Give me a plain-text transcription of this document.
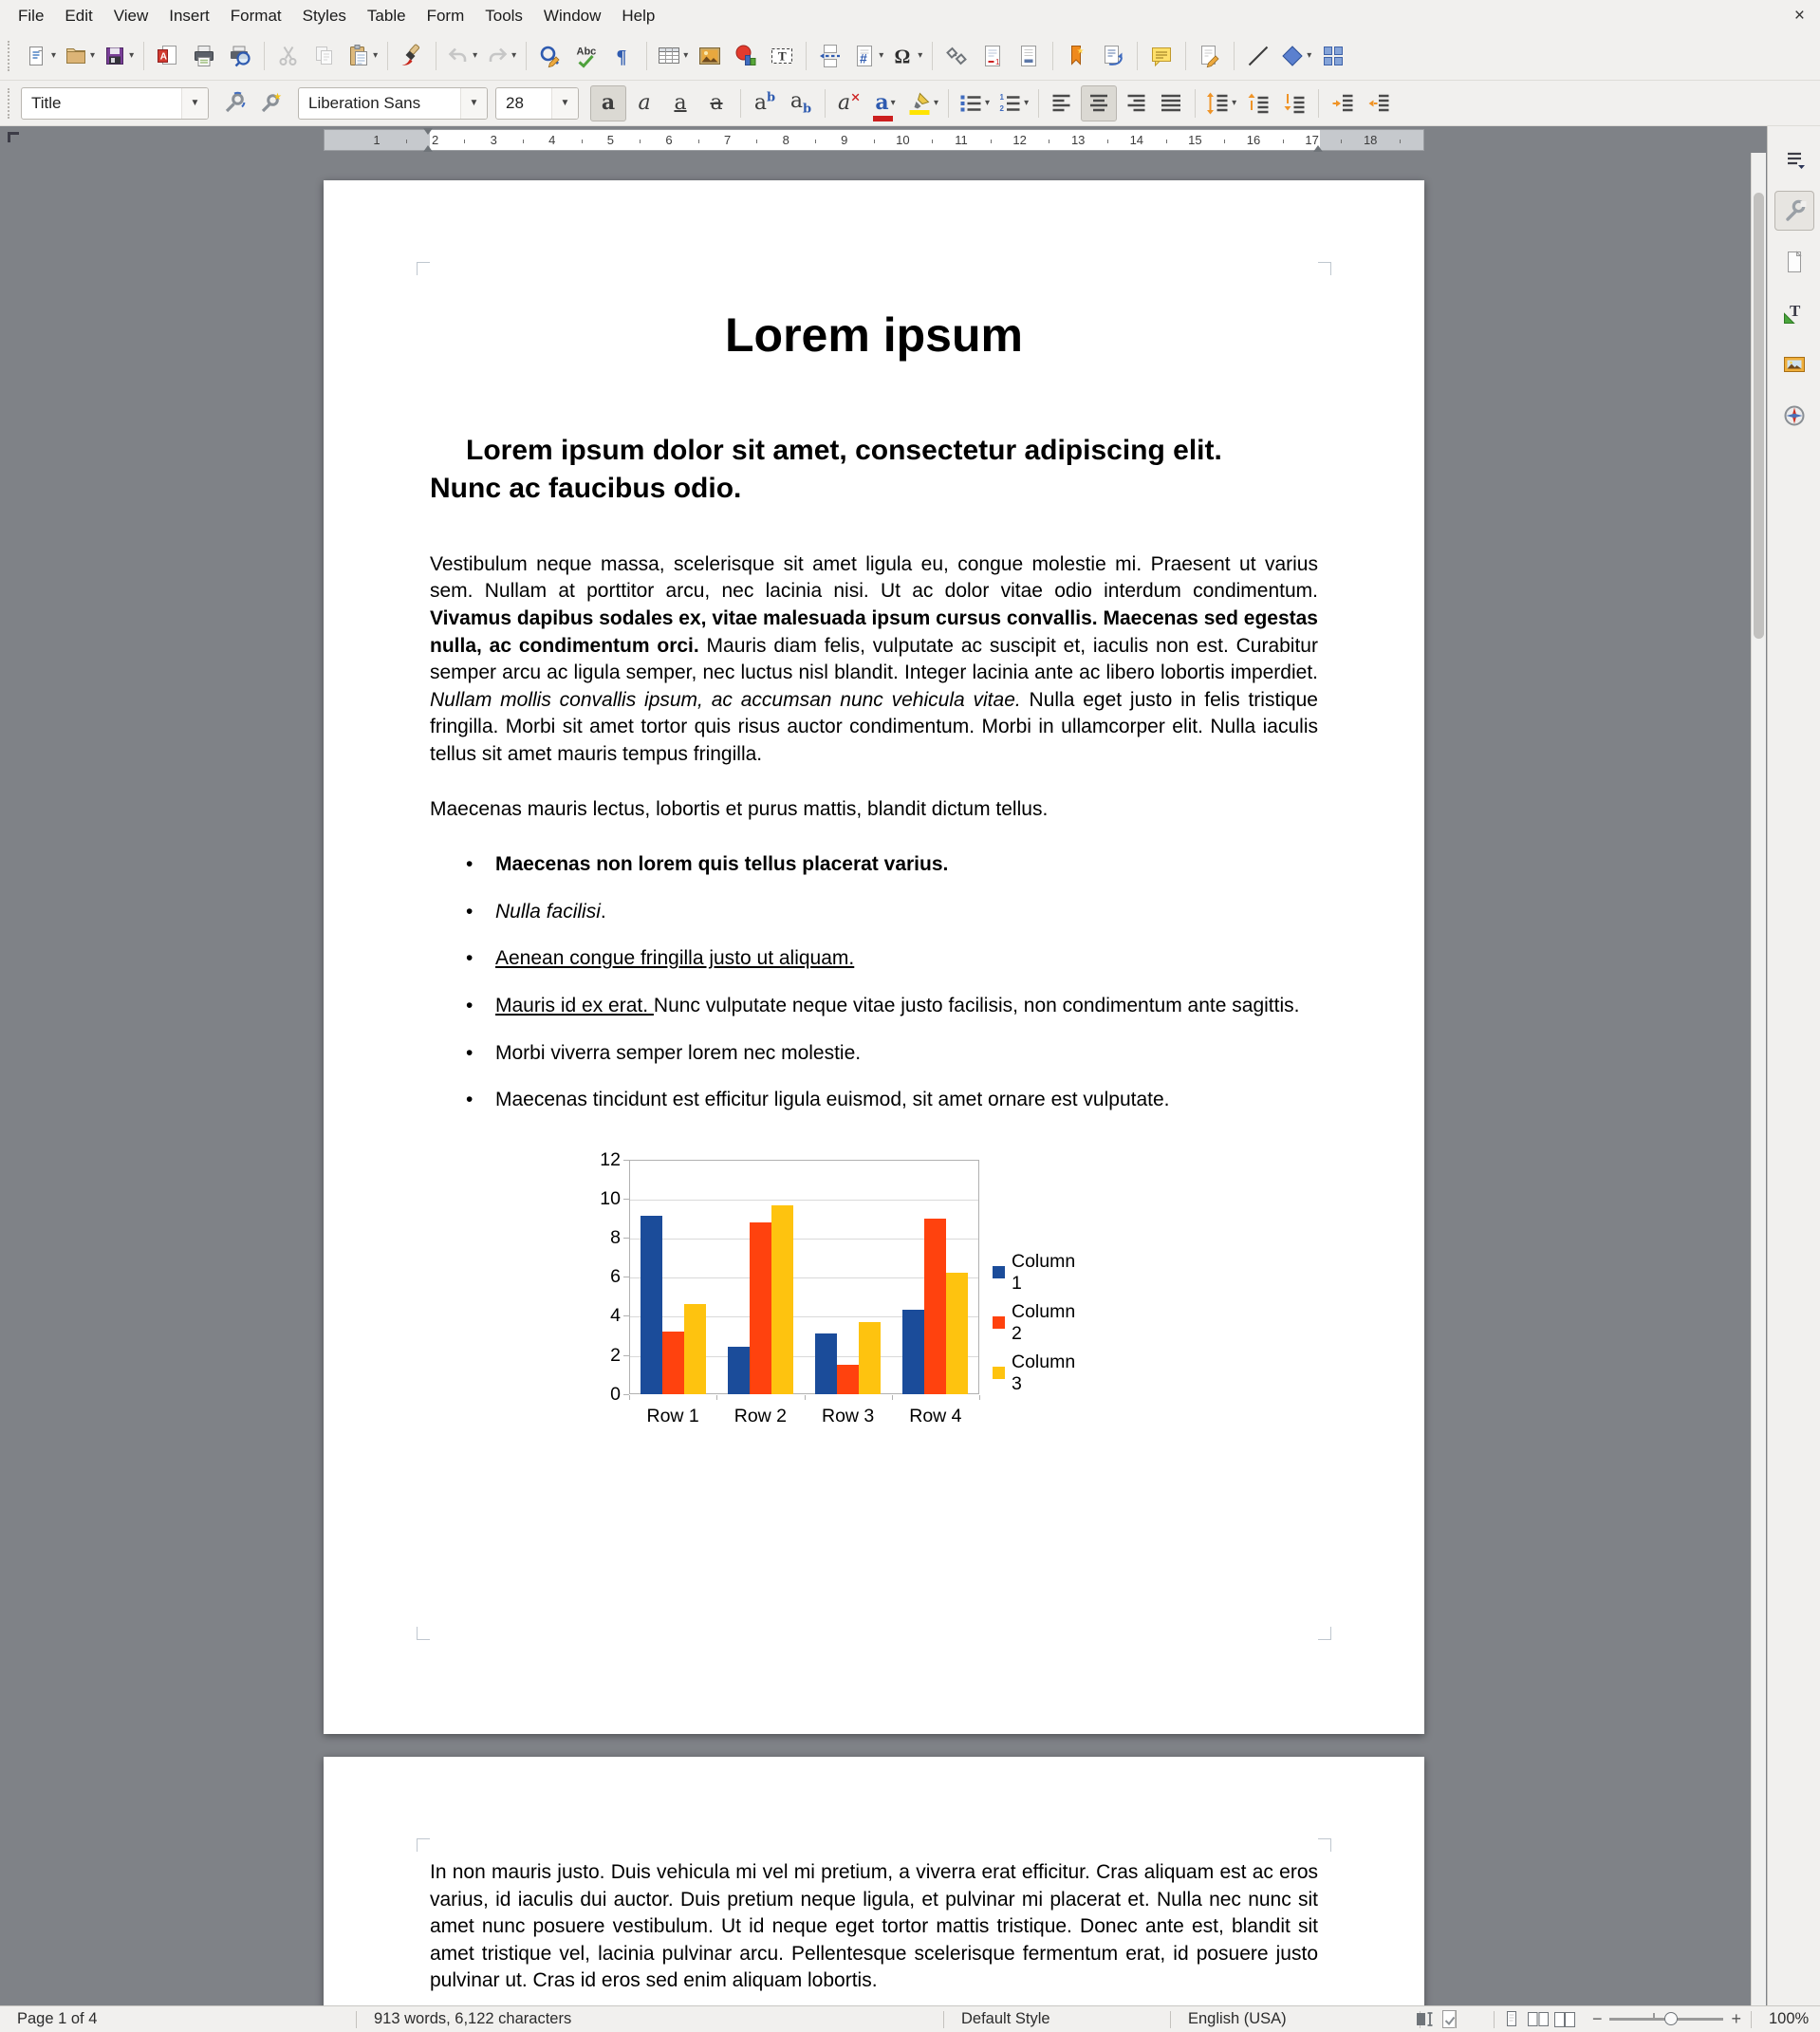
File	Edit	View	Insert	Format	Styles	Table	Form	Tools	Window	Help	×
▾	▾	▾	A	▾	▾	▾	Abc ¶	▾	T	# ▾ Ω ▾
1
★	▾
Title	▼
★	Liberation Sans	▼	28	▼	a a a a $a^b$ $a_b$ a× a ▾	▾	▾
1
2 ▾	▾
1	2	3	4	5	6	7	8	9	10	11	12	13	14	15	16	17	18
Lorem ipsum
Lorem ipsum dolor sit amet, consectetur adipiscing elit. Nunc ac faucibus odio.
Vestibulum neque massa, scelerisque sit amet ligula eu, congue molestie mi. Praesent ut varius sem. Nullam at porttitor arcu, nec lacinia nisi. Ut ac dolor vitae odio interdum condimentum. Vivamus dapibus sodales ex, vitae malesuada ipsum cursus convallis. Maecenas sed egestas nulla, ac condimentum orci. Mauris diam felis, vulputate ac suscipit et, iaculis non est. Curabitur semper arcu ac ligula semper, nec luctus nisl blandit. Integer lacinia ante ac libero lobortis imperdiet. Nullam mollis convallis ipsum, ac accumsan nunc vehicula vitae. Nulla eget justo in felis tristique fringilla. Morbi sit amet tortor quis risus auctor condimentum. Morbi in ullamcorper elit. Nulla iaculis tellus sit amet mauris tempus fringilla.
Maecenas mauris lectus, lobortis et purus mattis, blandit dictum tellus.
• Maecenas non lorem quis tellus placerat varius.
• Nulla facilisi.
• Aenean congue fringilla justo ut aliquam.
• Mauris id ex erat. Nunc vulputate neque vitae justo facilisis, non condimentum ante sagittis.
• Morbi viverra semper lorem nec molestie.
• Maecenas tincidunt est efficitur ligula euismod, sit amet ornare est vulputate.
0
2
4
6
8
10
12
Row 1	Row 2	Row 3	Row 4
Column 1
Column 2
Column 3
In non mauris justo. Duis vehicula mi vel mi pretium, a viverra erat efficitur. Cras aliquam est ac eros varius, id iaculis dui auctor. Duis pretium neque ligula, et pulvinar mi placerat et. Nulla nec nunc sit amet nunc posuere vestibulum. Ut id neque eget tortor mattis tristique. Donec ante est, blandit sit amet tristique vel, lacinia pulvinar arcu. Pellentesque scelerisque fermentum erat, id posuere justo pulvinar ut. Cras id eros sed enim aliquam lobortis.
T
Page 1 of 4	913 words, 6,122 characters	Default Style	English (USA)	−	+	100%
